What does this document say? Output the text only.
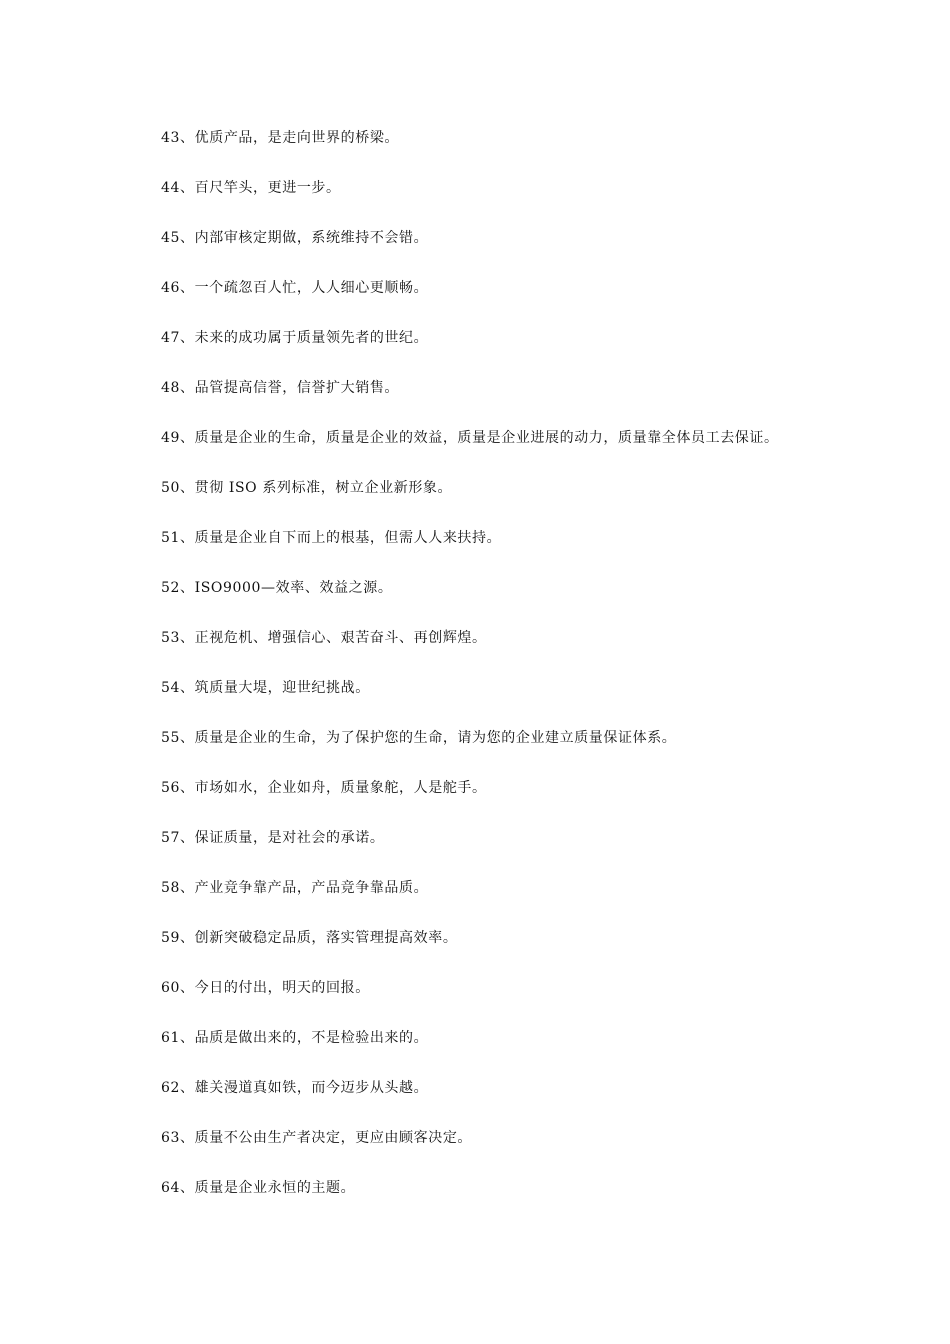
43、优质产品，是走向世界的桥梁。

44、百尺竿头，更进一步。

45、内部审核定期做，系统维持不会错。

46、一个疏忽百人忙，人人细心更顺畅。

47、未来的成功属于质量领先者的世纪。

48、品管提高信誉，信誉扩大销售。

49、质量是企业的生命，质量是企业的效益，质量是企业进展的动力，质量靠全体员工去保证。

50、贯彻 ISO 系列标准，树立企业新形象。

51、质量是企业自下而上的根基，但需人人来扶持。

52、ISO9000—效率、效益之源。

53、正视危机、增强信心、艰苦奋斗、再创辉煌。

54、筑质量大堤，迎世纪挑战。

55、质量是企业的生命，为了保护您的生命，请为您的企业建立质量保证体系。

56、市场如水，企业如舟，质量象舵，人是舵手。

57、保证质量，是对社会的承诺。

58、产业竞争靠产品，产品竞争靠品质。

59、创新突破稳定品质，落实管理提高效率。

60、今日的付出，明天的回报。

61、品质是做出来的，不是检验出来的。

62、雄关漫道真如铁，而今迈步从头越。

63、质量不公由生产者决定，更应由顾客决定。

64、质量是企业永恒的主题。
